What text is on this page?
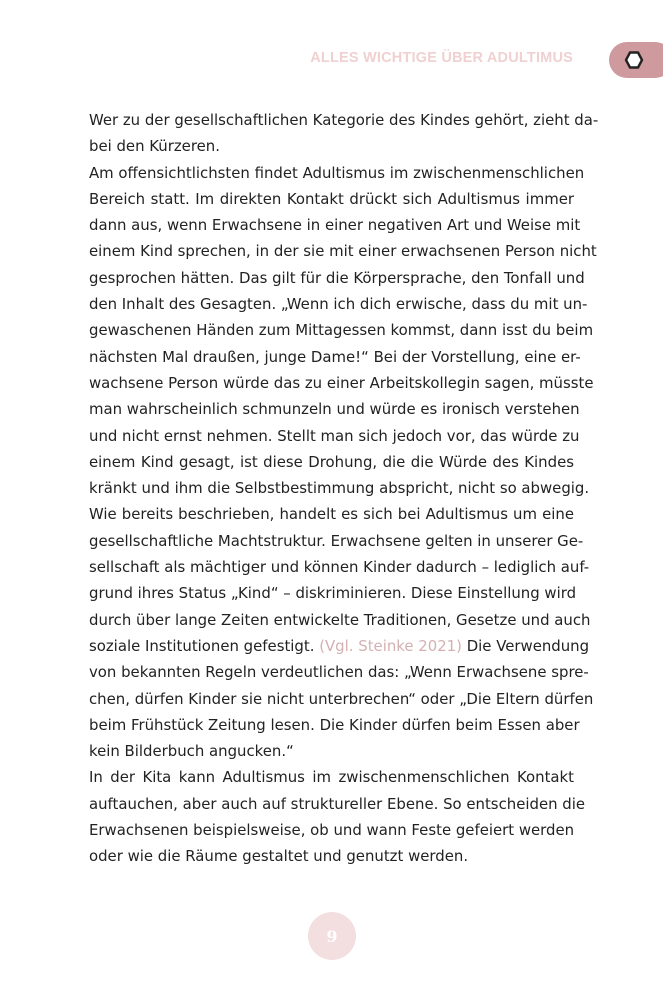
ALLES WICHTIGE ÜBER ADULTIMUS
Wer zu der gesellschaftlichen Kategorie des Kindes gehört, zieht da-
bei den Kürzeren.
Am offensichtlichsten findet Adultismus im zwischenmenschlichen
Bereich statt. Im direkten Kontakt drückt sich Adultismus immer
dann aus, wenn Erwachsene in einer negativen Art und Weise mit
einem Kind sprechen, in der sie mit einer erwachsenen Person nicht
gesprochen hätten. Das gilt für die Körpersprache, den Tonfall und
den Inhalt des Gesagten. „Wenn ich dich erwische, dass du mit un-
gewaschenen Händen zum Mittagessen kommst, dann isst du beim
nächsten Mal draußen, junge Dame!“ Bei der Vorstellung, eine er-
wachsene Person würde das zu einer Arbeitskollegin sagen, müsste
man wahrscheinlich schmunzeln und würde es ironisch verstehen
und nicht ernst nehmen. Stellt man sich jedoch vor, das würde zu
einem Kind gesagt, ist diese Drohung, die die Würde des Kindes
kränkt und ihm die Selbstbestimmung abspricht, nicht so abwegig.
Wie bereits beschrieben, handelt es sich bei Adultismus um eine
gesellschaftliche Machtstruktur. Erwachsene gelten in unserer Ge-
sellschaft als mächtiger und können Kinder dadurch – lediglich auf-
grund ihres Status „Kind“ – diskriminieren. Diese Einstellung wird
durch über lange Zeiten entwickelte Traditionen, Gesetze und auch
soziale Institutionen gefestigt. (Vgl. Steinke 2021) Die Verwendung
von bekannten Regeln verdeutlichen das: „Wenn Erwachsene spre-
chen, dürfen Kinder sie nicht unterbrechen“ oder „Die Eltern dürfen
beim Frühstück Zeitung lesen. Die Kinder dürfen beim Essen aber
kein Bilderbuch angucken.“
In der Kita kann Adultismus im zwischenmenschlichen Kontakt
auftauchen, aber auch auf struktureller Ebene. So entscheiden die
Erwachsenen beispielsweise, ob und wann Feste gefeiert werden
oder wie die Räume gestaltet und genutzt werden.
9
